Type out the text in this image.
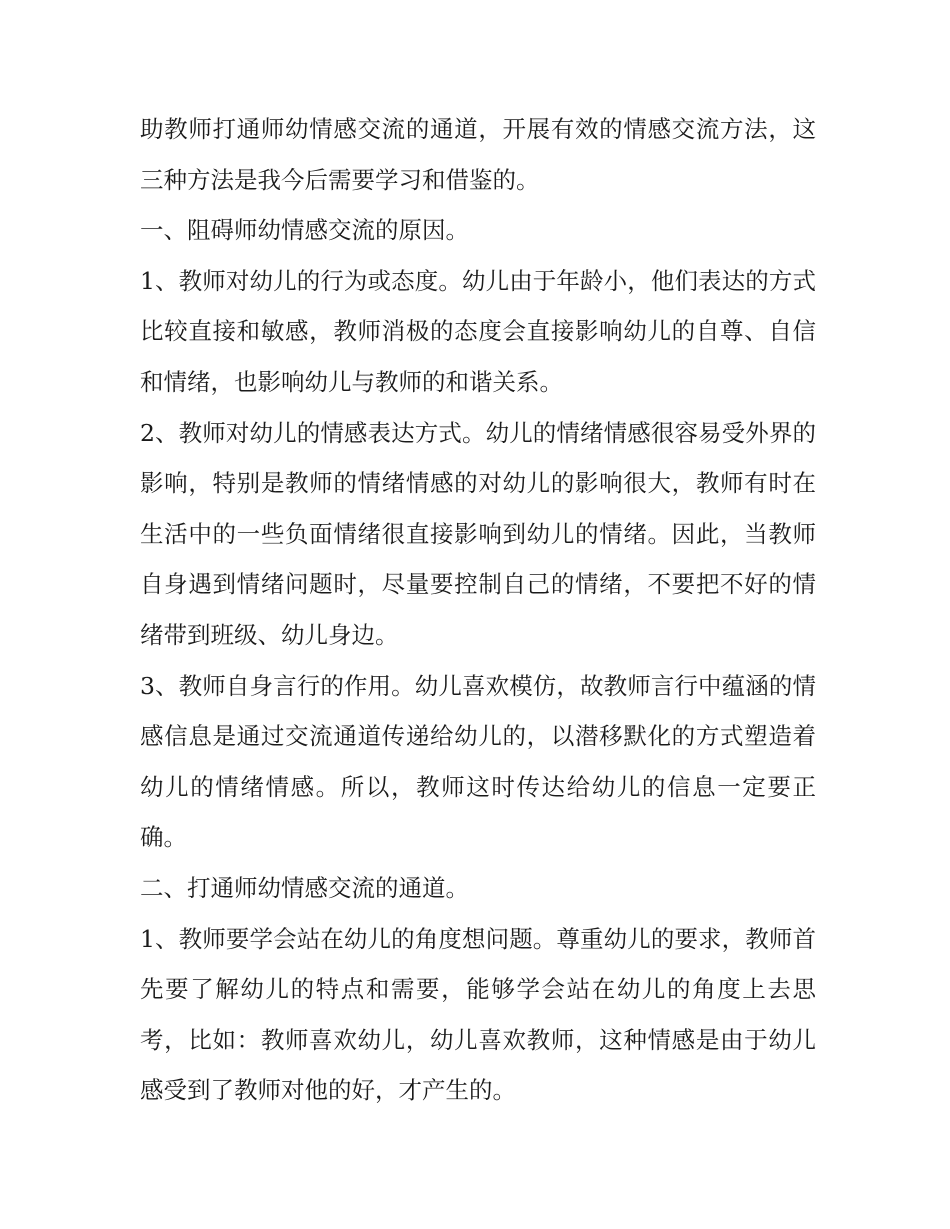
助教师打通师幼情感交流的通道，开展有效的情感交流方法，这三种方法是我今后需要学习和借鉴的。

一、阻碍师幼情感交流的原因。

1、教师对幼儿的行为或态度。幼儿由于年龄小，他们表达的方式比较直接和敏感，教师消极的态度会直接影响幼儿的自尊、自信和情绪，也影响幼儿与教师的和谐关系。

2、教师对幼儿的情感表达方式。幼儿的情绪情感很容易受外界的影响，特别是教师的情绪情感的对幼儿的影响很大，教师有时在生活中的一些负面情绪很直接影响到幼儿的情绪。因此，当教师自身遇到情绪问题时，尽量要控制自己的情绪，不要把不好的情绪带到班级、幼儿身边。

3、教师自身言行的作用。幼儿喜欢模仿，故教师言行中蕴涵的情感信息是通过交流通道传递给幼儿的，以潜移默化的方式塑造着幼儿的情绪情感。所以，教师这时传达给幼儿的信息一定要正确。

二、打通师幼情感交流的通道。

1、教师要学会站在幼儿的角度想问题。尊重幼儿的要求，教师首先要了解幼儿的特点和需要，能够学会站在幼儿的角度上去思考，比如：教师喜欢幼儿，幼儿喜欢教师，这种情感是由于幼儿感受到了教师对他的好，才产生的。
